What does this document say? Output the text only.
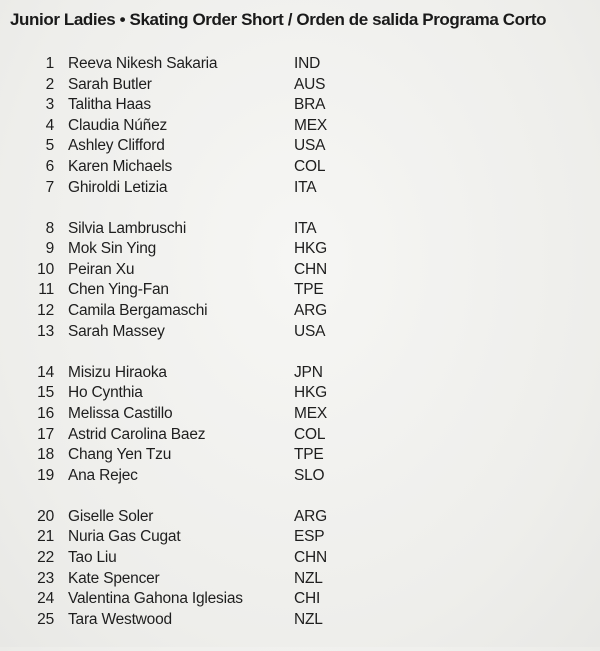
Junior Ladies • Skating Order Short / Orden de salida Programa Corto
1 Reeva Nikesh Sakaria	IND
2 Sarah Butler	AUS
3 Talitha Haas	BRA
4 Claudia Núñez	MEX
5 Ashley Clifford	USA
6 Karen Michaels	COL
7 Ghiroldi Letizia	ITA
8 Silvia Lambruschi	ITA
9 Mok Sin Ying	HKG
10 Peiran Xu	CHN
11 Chen Ying-Fan	TPE
12 Camila Bergamaschi	ARG
13 Sarah Massey	USA
14 Misizu Hiraoka	JPN
15 Ho Cynthia	HKG
16 Melissa Castillo	MEX
17 Astrid Carolina Baez	COL
18 Chang Yen Tzu	TPE
19 Ana Rejec	SLO
20 Giselle Soler	ARG
21 Nuria Gas Cugat	ESP
22 Tao Liu	CHN
23 Kate Spencer	NZL
24 Valentina Gahona Iglesias	CHI
25 Tara Westwood	NZL
